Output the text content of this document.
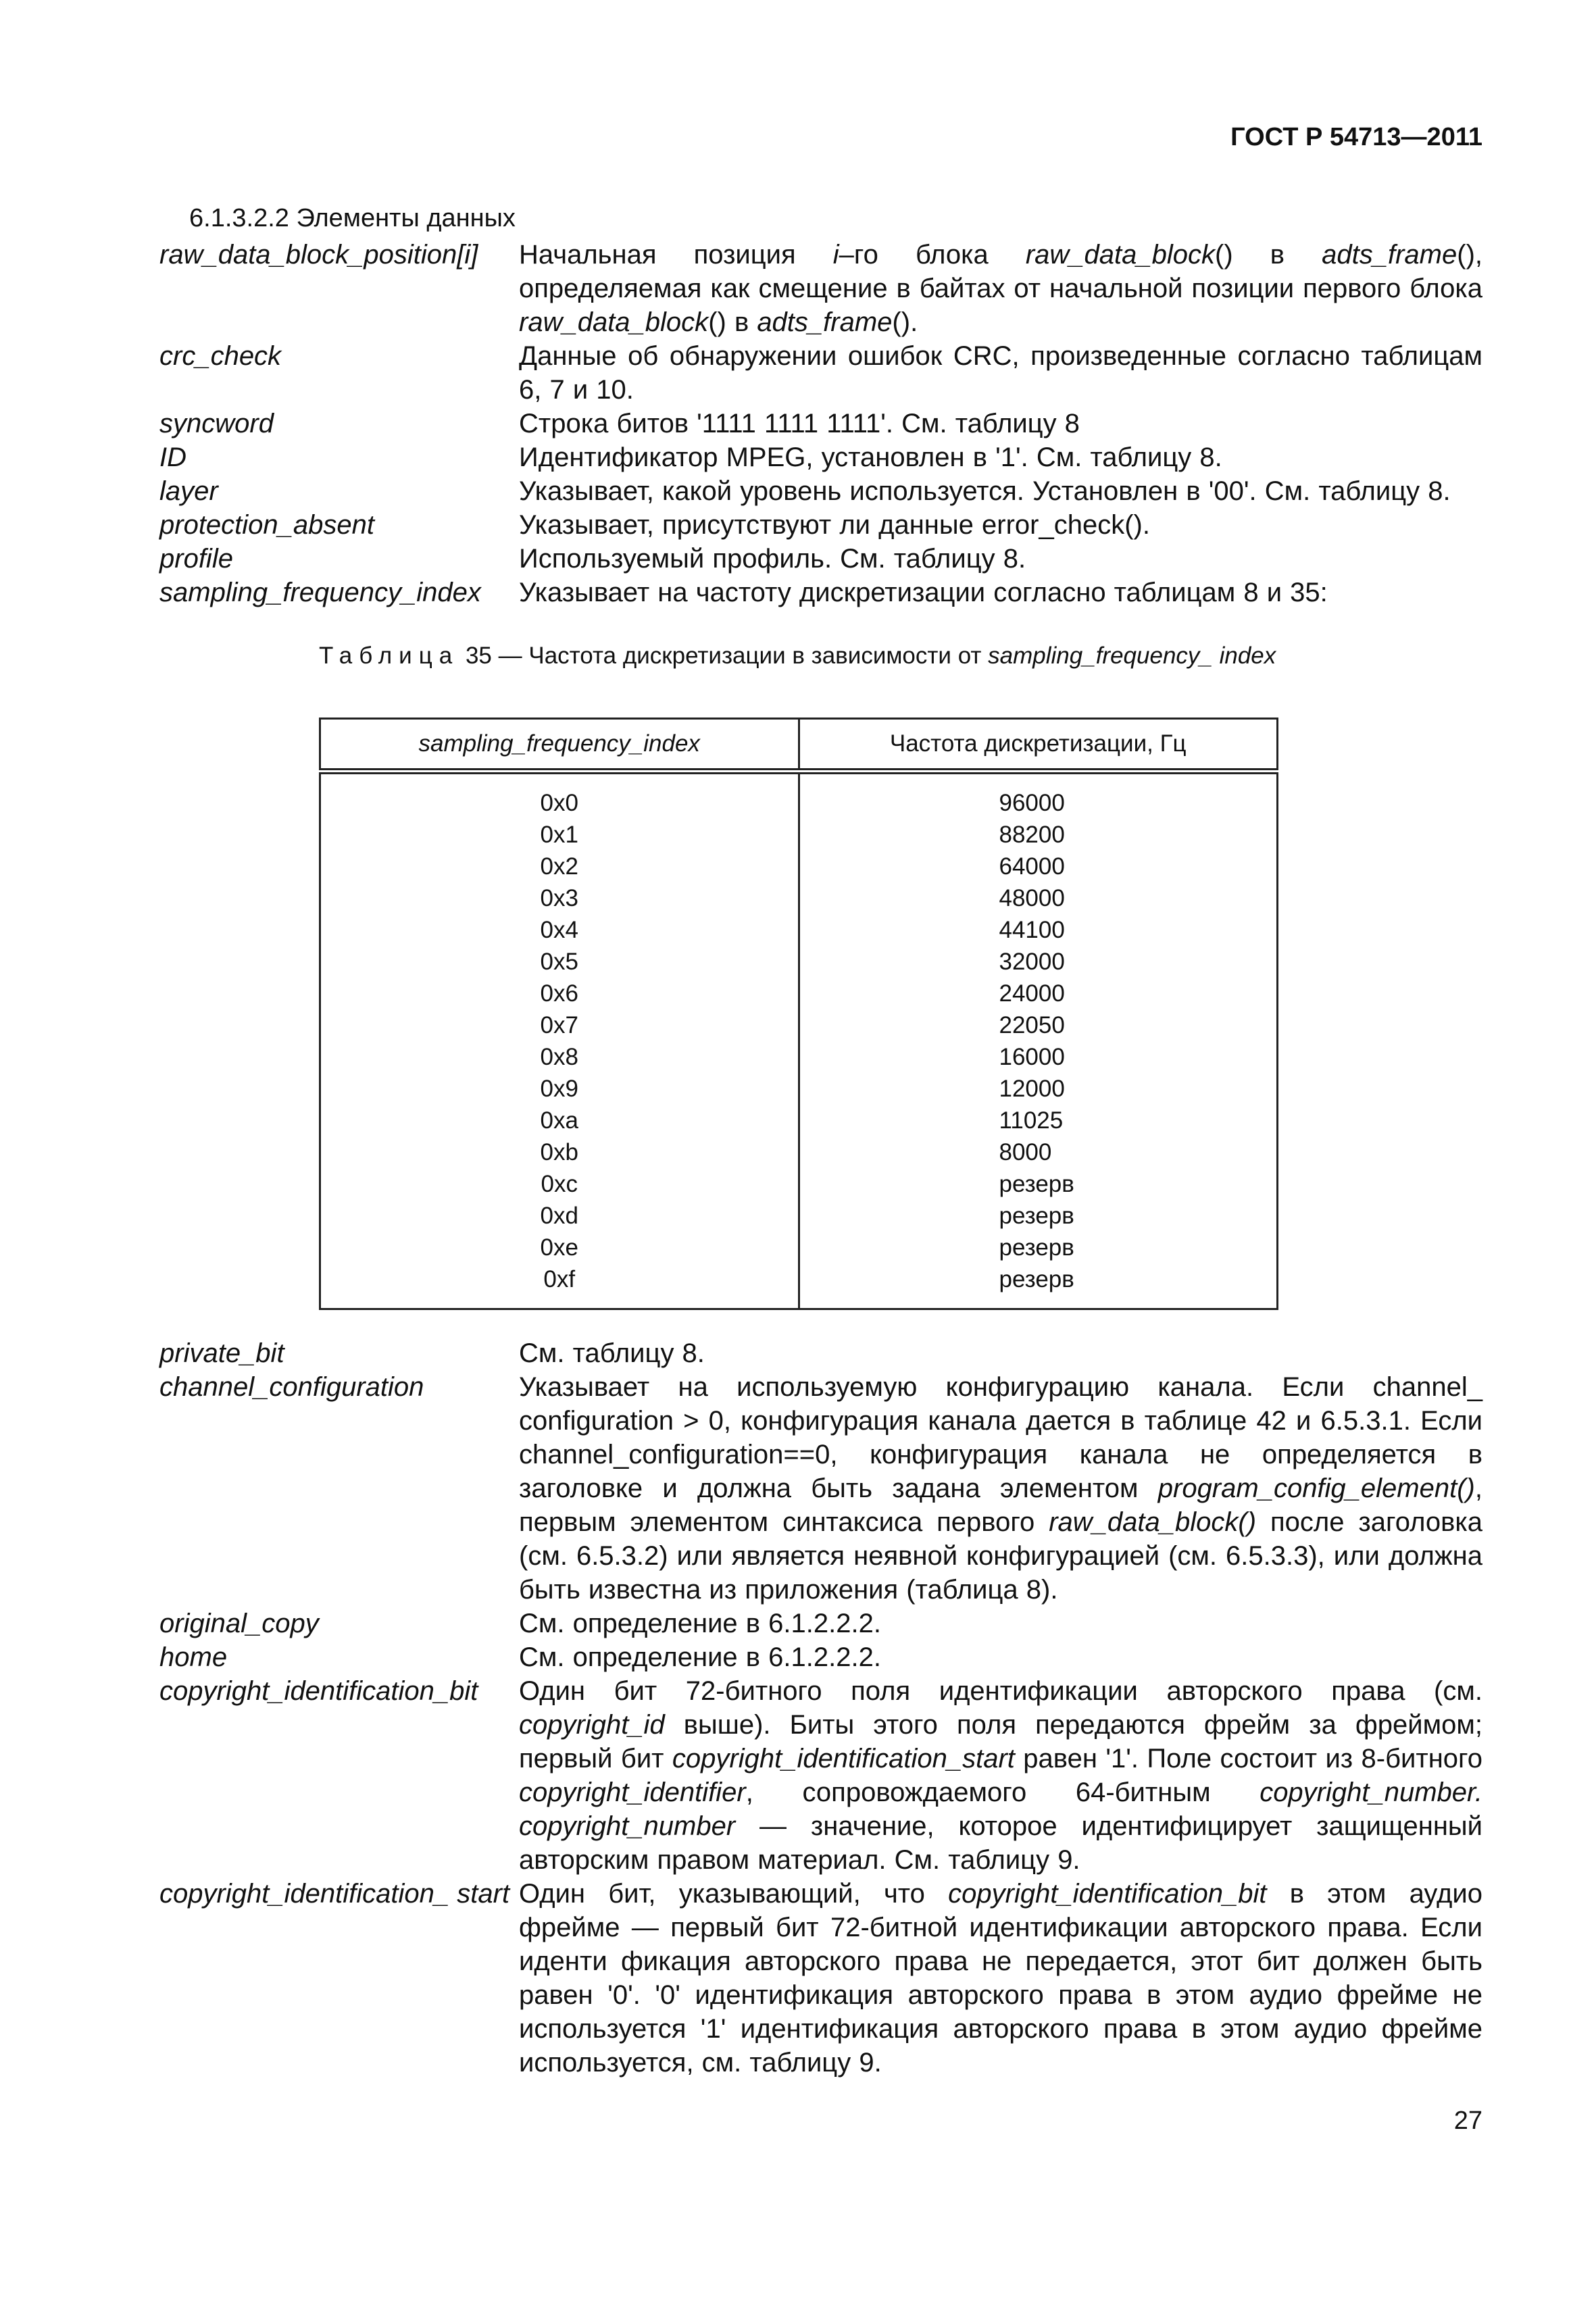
ГОСТ Р 54713—2011
6.1.3.2.2 Элементы данных
raw_data_block_position[i]	Начальная позиция i–го блока raw_data_block() в adts_frame(), определяемая как смещение в байтах от начальной позиции первого блока raw_data_block() в adts_frame().
crc_check	Данные об обнаружении ошибок CRC, произведенные согласно таблицам 6, 7 и 10.
syncword	Строка битов '1111 1111 1111'. См. таблицу 8
ID	Идентификатор MPEG, установлен в '1'. См. таблицу 8.
layer	Указывает, какой уровень используется. Установлен в '00'. См. таблицу 8.
protection_absent	Указывает, присутствуют ли данные error_check().
profile	Используемый профиль. См. таблицу 8.
sampling_frequency_index	Указывает на частоту дискретизации согласно таблицам 8 и 35:
Таблица 35 — Частота дискретизации в зависимости от sampling_frequency_ index
sampling_frequency_index	Частота дискретизации, Гц
0x0	96000
0x1	88200
0x2	64000
0x3	48000
0x4	44100
0x5	32000
0x6	24000
0x7	22050
0x8	16000
0x9	12000
0xa	11025
0xb	8000
0xc	резерв
0xd	резерв
0xe	резерв
0xf	резерв
private_bit	См. таблицу 8.
channel_configuration	Указывает на используемую конфигурацию канала. Если channel_ configuration > 0, конфигурация канала дается в таблице 42 и 6.5.3.1. Если channel_configuration==0, конфигурация канала не определяется в заголовке и должна быть задана элементом program_config_element(), первым элементом синтаксиса первого raw_data_block() после заголовка (см. 6.5.3.2) или является неявной конфигурацией (см. 6.5.3.3), или должна быть известна из приложения (таблица 8).
original_copy	См. определение в 6.1.2.2.2.
home	См. определение в 6.1.2.2.2.
copyright_identification_bit	Один бит 72-битного поля идентификации авторского права (см. copyright_id выше). Биты этого поля передаются фрейм за фреймом; первый бит copyright_identification_start равен '1'. Поле состоит из 8-битного copyright_identifier, сопровождаемого 64-битным copyright_number. copyright_number — значение, которое идентифицирует защищенный авторским правом материал. См. таблицу 9.
copyright_identification_ start Один бит, указывающий, что copyright_identification_bit в этом аудио фрейме — первый бит 72-битной идентификации авторского права. Если иденти фикация авторского права не передается, этот бит должен быть равен '0'. '0' идентификация авторского права в этом аудио фрейме не используется '1' идентификация авторского права в этом аудио фрейме используется, см. таблицу 9.
27
